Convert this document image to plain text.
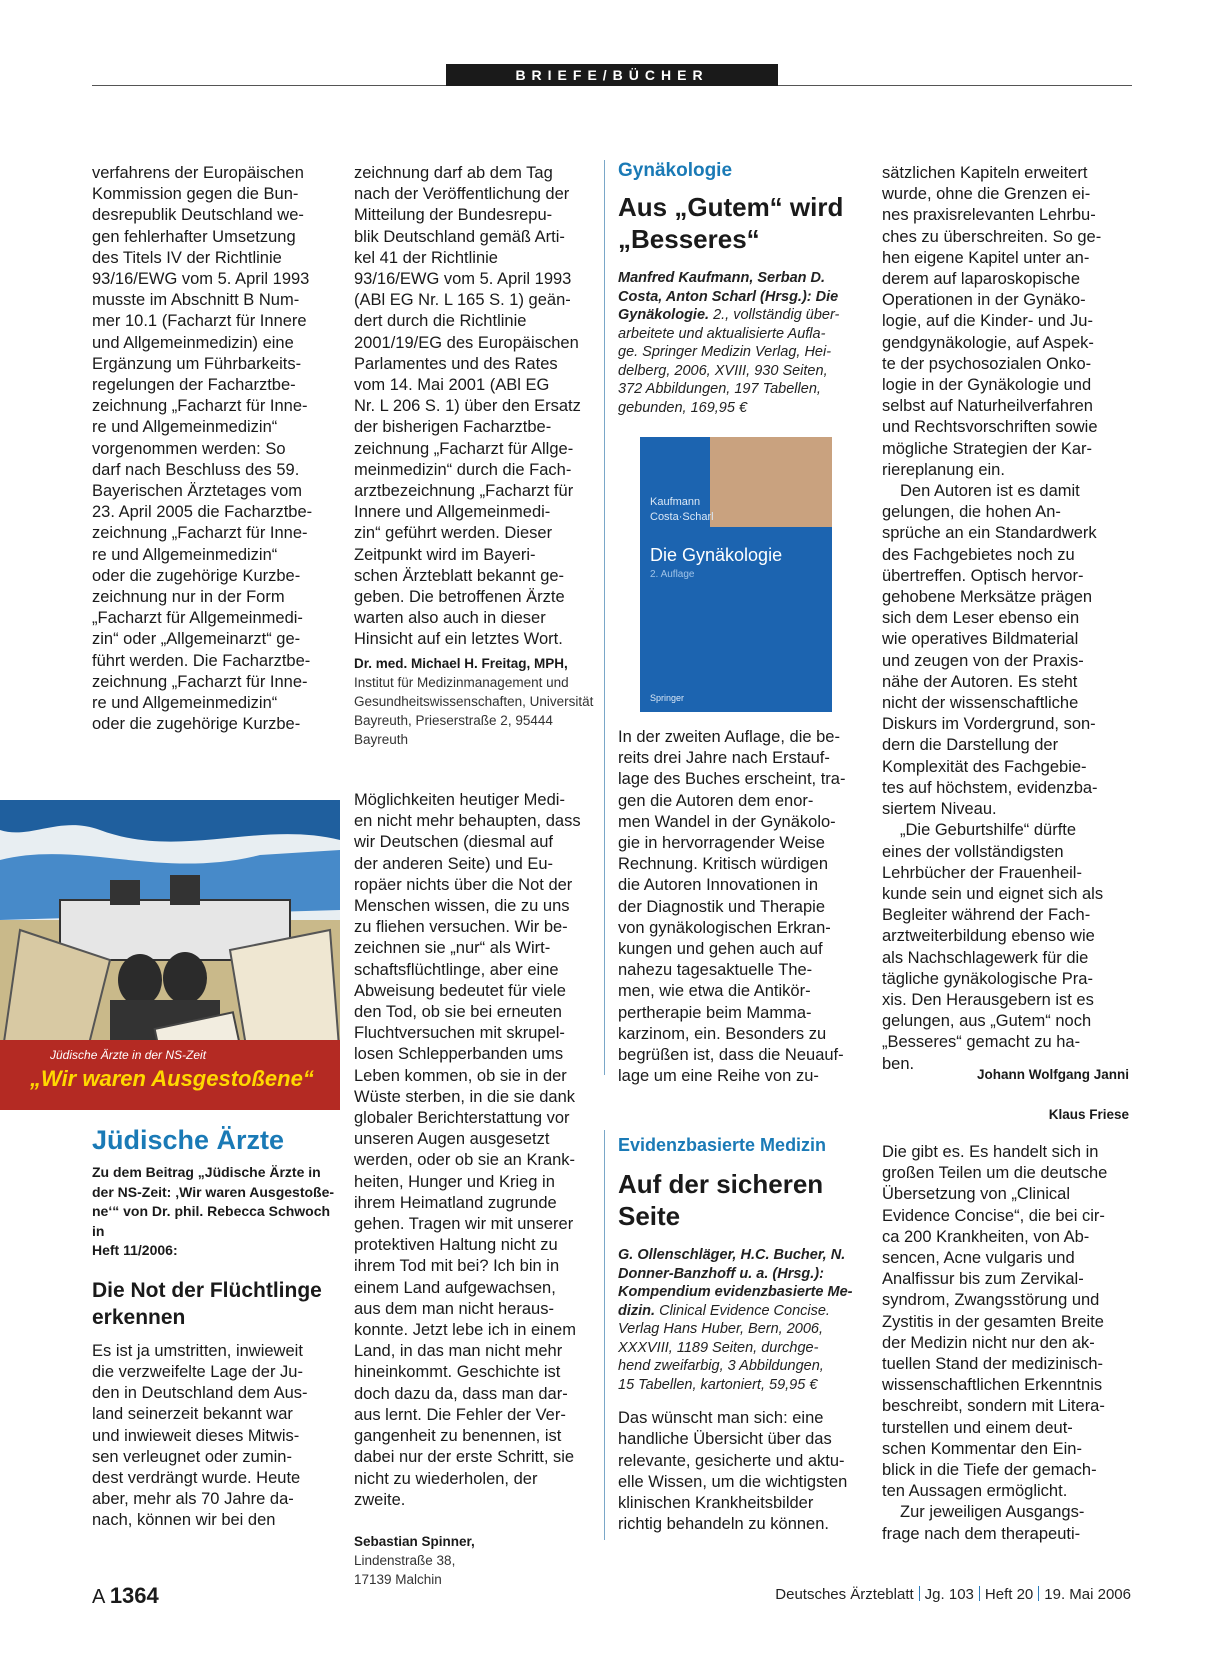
BRIEFE/BÜCHER

verfahrens der Europäischen
Kommission gegen die Bun-
desrepublik Deutschland we-
gen fehlerhafter Umsetzung
des Titels IV der Richtlinie
93/16/EWG vom 5. April 1993
musste im Abschnitt B Num-
mer 10.1 (Facharzt für Innere
und Allgemeinmedizin) eine
Ergänzung um Führbarkeits-
regelungen der Facharztbe-
zeichnung „Facharzt für Inne-
re und Allgemeinmedizin“
vorgenommen werden: So
darf nach Beschluss des 59.
Bayerischen Ärztetages vom
23. April 2005 die Facharztbe-
zeichnung „Facharzt für Inne-
re und Allgemeinmedizin“
oder die zugehörige Kurzbe-
zeichnung nur in der Form
„Facharzt für Allgemeinmedi-
zin“ oder „Allgemeinarzt“ ge-
führt werden. Die Facharztbe-
zeichnung „Facharzt für Inne-
re und Allgemeinmedizin“
oder die zugehörige Kurzbe-

zeichnung darf ab dem Tag
nach der Veröffentlichung der
Mitteilung der Bundesrepu-
blik Deutschland gemäß Arti-
kel 41 der Richtlinie
93/16/EWG vom 5. April 1993
(ABl EG Nr. L 165 S. 1) geän-
dert durch die Richtlinie
2001/19/EG des Europäischen
Parlamentes und des Rates
vom 14. Mai 2001 (ABl EG
Nr. L 206 S. 1) über den Ersatz
der bisherigen Facharztbe-
zeichnung „Facharzt für Allge-
meinmedizin“ durch die Fach-
arztbezeichnung „Facharzt für
Innere und Allgemeinmedi-
zin“ geführt werden. Dieser
Zeitpunkt wird im Bayeri-
schen Ärzteblatt bekannt ge-
geben. Die betroffenen Ärzte
warten also auch in dieser
Hinsicht auf ein letztes Wort.

Dr. med. Michael H. Freitag, MPH,

Institut für Medizinmanagement und
Gesundheitswissenschaften, Universität
Bayreuth, Prieserstraße 2, 95444 Bayreuth

Jüdische Ärzte in der NS-Zeit
„Wir waren Ausgestoßene“
Jüdische Ärzte
Zu dem Beitrag „Jüdische Ärzte in
der NS-Zeit: ‚Wir waren Ausgestoße-
ne‘“ von Dr. phil. Rebecca Schwoch in
Heft 11/2006:
Die Not der Flüchtlinge
erkennen

Es ist ja umstritten, inwieweit
die verzweifelte Lage der Ju-
den in Deutschland dem Aus-
land seinerzeit bekannt war
und inwieweit dieses Mitwis-
sen verleugnet oder zumin-
dest verdrängt wurde. Heute
aber, mehr als 70 Jahre da-
nach, können wir bei den

Möglichkeiten heutiger Medi-
en nicht mehr behaupten, dass
wir Deutschen (diesmal auf
der anderen Seite) und Eu-
ropäer nichts über die Not der
Menschen wissen, die zu uns
zu fliehen versuchen. Wir be-
zeichnen sie „nur“ als Wirt-
schaftsflüchtlinge, aber eine
Abweisung bedeutet für viele
den Tod, ob sie bei erneuten
Fluchtversuchen mit skrupel-
losen Schlepperbanden ums
Leben kommen, ob sie in der
Wüste sterben, in die sie dank
globaler Berichterstattung vor
unseren Augen ausgesetzt
werden, oder ob sie an Krank-
heiten, Hunger und Krieg in
ihrem Heimatland zugrunde
gehen. Tragen wir mit unserer
protektiven Haltung nicht zu
ihrem Tod mit bei? Ich bin in
einem Land aufgewachsen,
aus dem man nicht heraus-
konnte. Jetzt lebe ich in einem
Land, in das man nicht mehr
hineinkommt. Geschichte ist
doch dazu da, dass man dar-
aus lernt. Die Fehler der Ver-
gangenheit zu benennen, ist
dabei nur der erste Schritt, sie
nicht zu wiederholen, der
zweite.

Sebastian Spinner,
Lindenstraße 38,

17139 Malchin

Gynäkologie
Aus „Gutem“ wird
„Besseres“
Manfred Kaufmann, Serban D.
Costa, Anton Scharl (Hrsg.): Die
Gynäkologie. 2., vollständig über-
arbeitete und aktualisierte Aufla-
ge. Springer Medizin Verlag, Hei-
delberg, 2006, XVIII, 930 Seiten,
372 Abbildungen, 197 Tabellen,
gebunden, 169,95 €
Kaufmann
Costa·Scharl
Die Gynäkologie
2. Auflage
Springer

In der zweiten Auflage, die be-
reits drei Jahre nach Erstauf-
lage des Buches erscheint, tra-
gen die Autoren dem enor-
men Wandel in der Gynäkolo-
gie in hervorragender Weise
Rechnung. Kritisch würdigen
die Autoren Innovationen in
der Diagnostik und Therapie
von gynäkologischen Erkran-
kungen und gehen auch auf
nahezu tagesaktuelle The-
men, wie etwa die Antikör-
pertherapie beim Mamma-
karzinom, ein. Besonders zu
begrüßen ist, dass die Neuauf-
lage um eine Reihe von zu-

sätzlichen Kapiteln erweitert
wurde, ohne die Grenzen ei-
nes praxisrelevanten Lehrbu-
ches zu überschreiten. So ge-
hen eigene Kapitel unter an-
derem auf laparoskopische
Operationen in der Gynäko-
logie, auf die Kinder- und Ju-
gendgynäkologie, auf Aspek-
te der psychosozialen Onko-
logie in der Gynäkologie und
selbst auf Naturheilverfahren
und Rechtsvorschriften sowie
mögliche Strategien der Kar-
riereplanung ein.

Den Autoren ist es damit
gelungen, die hohen An-
sprüche an ein Standardwerk
des Fachgebietes noch zu
übertreffen. Optisch hervor-
gehobene Merksätze prägen
sich dem Leser ebenso ein
wie operatives Bildmaterial
und zeugen von der Praxis-
nähe der Autoren. Es steht
nicht der wissenschaftliche
Diskurs im Vordergrund, son-
dern die Darstellung der
Komplexität des Fachgebie-
tes auf höchstem, evidenzba-
siertem Niveau.

„Die Geburtshilfe“ dürfte
eines der vollständigsten
Lehrbücher der Frauenheil-
kunde sein und eignet sich als
Begleiter während der Fach-
arztweiterbildung ebenso wie
als Nachschlagewerk für die
tägliche gynäkologische Pra-
xis. Den Herausgebern ist es
gelungen, aus „Gutem“ noch
„Besseres“ gemacht zu ha-
ben.

Johann Wolfgang Janni

Klaus Friese

Evidenzbasierte Medizin
Auf der sicheren
Seite
G. Ollenschläger, H.C. Bucher, N.
Donner-Banzhoff u. a. (Hrsg.):
Kompendium evidenzbasierte Me-
dizin. Clinical Evidence Concise.
Verlag Hans Huber, Bern, 2006,
XXXVIII, 1189 Seiten, durchge-
hend zweifarbig, 3 Abbildungen,
15 Tabellen, kartoniert, 59,95 €

Das wünscht man sich: eine
handliche Übersicht über das
relevante, gesicherte und aktu-
elle Wissen, um die wichtigsten
klinischen Krankheitsbilder
richtig behandeln zu können.

Die gibt es. Es handelt sich in
großen Teilen um die deutsche
Übersetzung von „Clinical
Evidence Concise“, die bei cir-
ca 200 Krankheiten, von Ab-
sencen, Acne vulgaris und
Analfissur bis zum Zervikal-
syndrom, Zwangsstörung und
Zystitis in der gesamten Breite
der Medizin nicht nur den ak-
tuellen Stand der medizinisch-
wissenschaftlichen Erkenntnis
beschreibt, sondern mit Litera-
turstellen und einem deut-
schen Kommentar den Ein-
blick in die Tiefe der gemach-
ten Aussagen ermöglicht.

Zur jeweiligen Ausgangs-
frage nach dem therapeuti-

A 1364	Deutsches Ärzteblatt Jg. 103 Heft 20 19. Mai 2006
